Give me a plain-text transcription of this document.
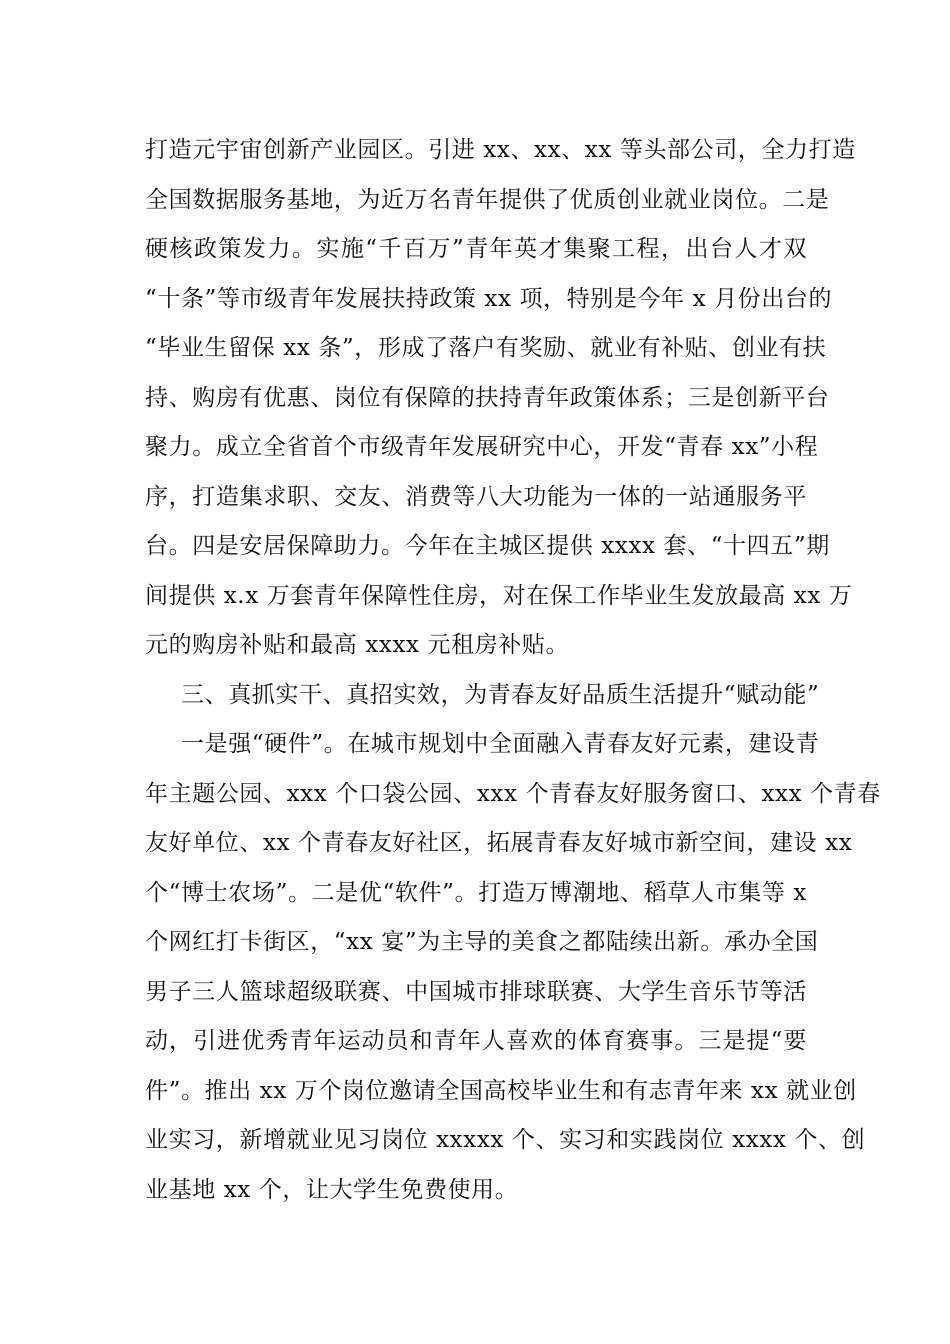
打造元宇宙创新产业园区。引进 xx、xx、xx 等头部公司，全力打造
全国数据服务基地，为近万名青年提供了优质创业就业岗位。二是
硬核政策发力。实施“千百万”青年英才集聚工程，出台人才双
“十条”等市级青年发展扶持政策 xx 项，特别是今年 x 月份出台的
“毕业生留保 xx 条”，形成了落户有奖励、就业有补贴、创业有扶
持、购房有优惠、岗位有保障的扶持青年政策体系；三是创新平台
聚力。成立全省首个市级青年发展研究中心，开发“青春 xx”小程
序，打造集求职、交友、消费等八大功能为一体的一站通服务平
台。四是安居保障助力。今年在主城区提供 xxxx 套、“十四五”期
间提供 x.x 万套青年保障性住房，对在保工作毕业生发放最高 xx 万
元的购房补贴和最高 xxxx 元租房补贴。
三、真抓实干、真招实效，为青春友好品质生活提升“赋动能”
一是强“硬件”。在城市规划中全面融入青春友好元素，建设青
年主题公园、xxx 个口袋公园、xxx 个青春友好服务窗口、xxx 个青春
友好单位、xx 个青春友好社区，拓展青春友好城市新空间，建设 xx
个“博士农场”。二是优“软件”。打造万博潮地、稻草人市集等 x
个网红打卡街区，“xx 宴”为主导的美食之都陆续出新。承办全国
男子三人篮球超级联赛、中国城市排球联赛、大学生音乐节等活
动，引进优秀青年运动员和青年人喜欢的体育赛事。三是提“要
件”。推出 xx 万个岗位邀请全国高校毕业生和有志青年来 xx 就业创
业实习，新增就业见习岗位 xxxxx 个、实习和实践岗位 xxxx 个、创
业基地 xx 个，让大学生免费使用。
